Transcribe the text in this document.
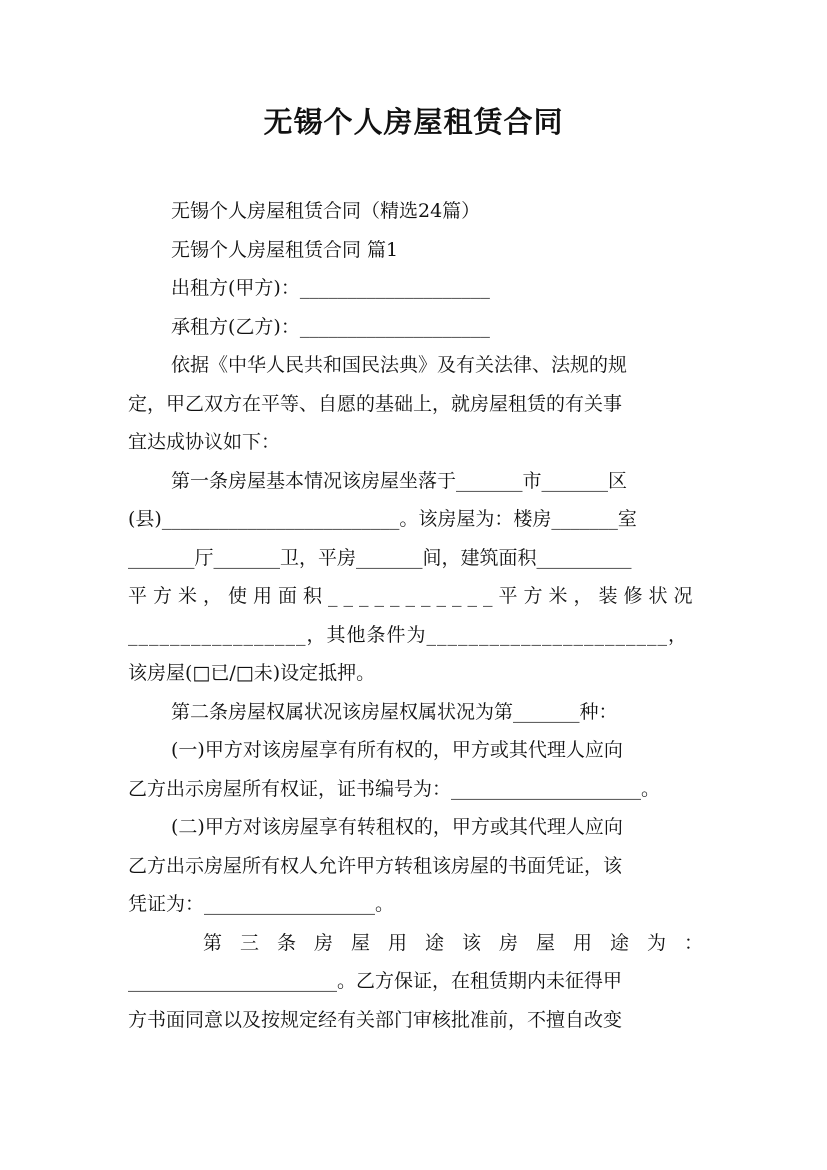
无锡个人房屋租赁合同
无锡个人房屋租赁合同（精选24篇）
无锡个人房屋租赁合同 篇1
出租方(甲方)：____________________
承租方(乙方)：____________________
依据《中华人民共和国民法典》及有关法律、法规的规
定，甲乙双方在平等、自愿的基础上，就房屋租赁的有关事
宜达成协议如下：
第一条房屋基本情况该房屋坐落于_______市_______区
(县)_________________________。该房屋为：楼房_______室
_______厅_______卫，平房_______间，建筑面积__________
平方米，使用面积___________平方米，装修状况
_________________，其他条件为_______________________，
该房屋(□已/□未)设定抵押。
第二条房屋权属状况该房屋权属状况为第_______种：
(一)甲方对该房屋享有所有权的，甲方或其代理人应向
乙方出示房屋所有权证，证书编号为：____________________。
(二)甲方对该房屋享有转租权的，甲方或其代理人应向
乙方出示房屋所有权人允许甲方转租该房屋的书面凭证，该
凭证为：__________________。
第三条房屋用途该房屋用途为：
______________________。乙方保证，在租赁期内未征得甲
方书面同意以及按规定经有关部门审核批准前，不擅自改变
